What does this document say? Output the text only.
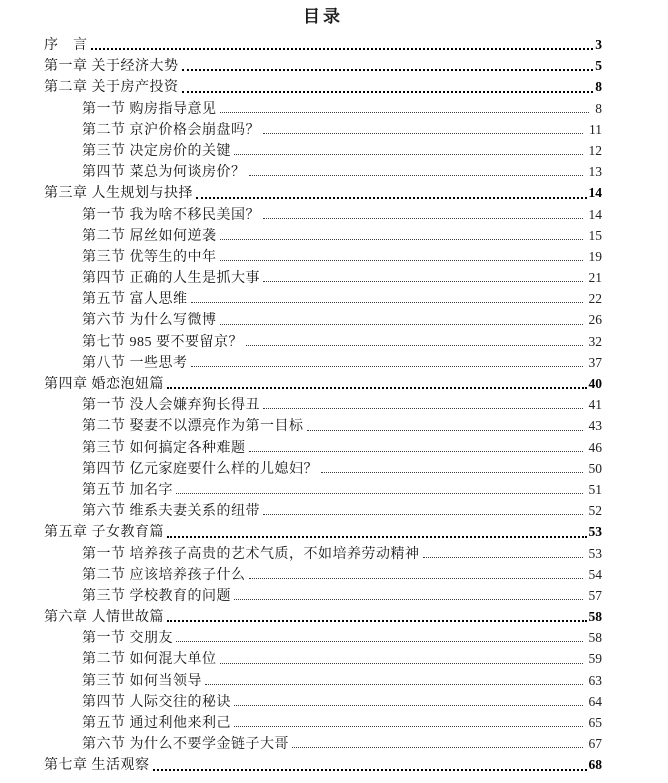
目录
序　言	3
第一章 关于经济大势	5
第二章 关于房产投资	8
第一节 购房指导意见	8
第二节 京沪价格会崩盘吗？	11
第三节 决定房价的关键	12
第四节 菜总为何谈房价？	13
第三章 人生规划与抉择	14
第一节 我为啥不移民美国？	14
第二节 屌丝如何逆袭	15
第三节 优等生的中年	19
第四节 正确的人生是抓大事	21
第五节 富人思维	22
第六节 为什么写微博	26
第七节 985 要不要留京？	32
第八节 一些思考	37
第四章 婚恋泡妞篇	40
第一节 没人会嫌弃狗长得丑	41
第二节 娶妻不以漂亮作为第一目标	43
第三节 如何搞定各种难题	46
第四节 亿元家庭要什么样的儿媳妇？	50
第五节 加名字	51
第六节 维系夫妻关系的纽带	52
第五章 子女教育篇	53
第一节 培养孩子高贵的艺术气质，不如培养劳动精神	53
第二节 应该培养孩子什么	54
第三节 学校教育的问题	57
第六章 人情世故篇	58
第一节 交朋友	58
第二节 如何混大单位	59
第三节 如何当领导	63
第四节 人际交往的秘诀	64
第五节 通过利他来利己	65
第六节 为什么不要学金链子大哥	67
第七章 生活观察	68
